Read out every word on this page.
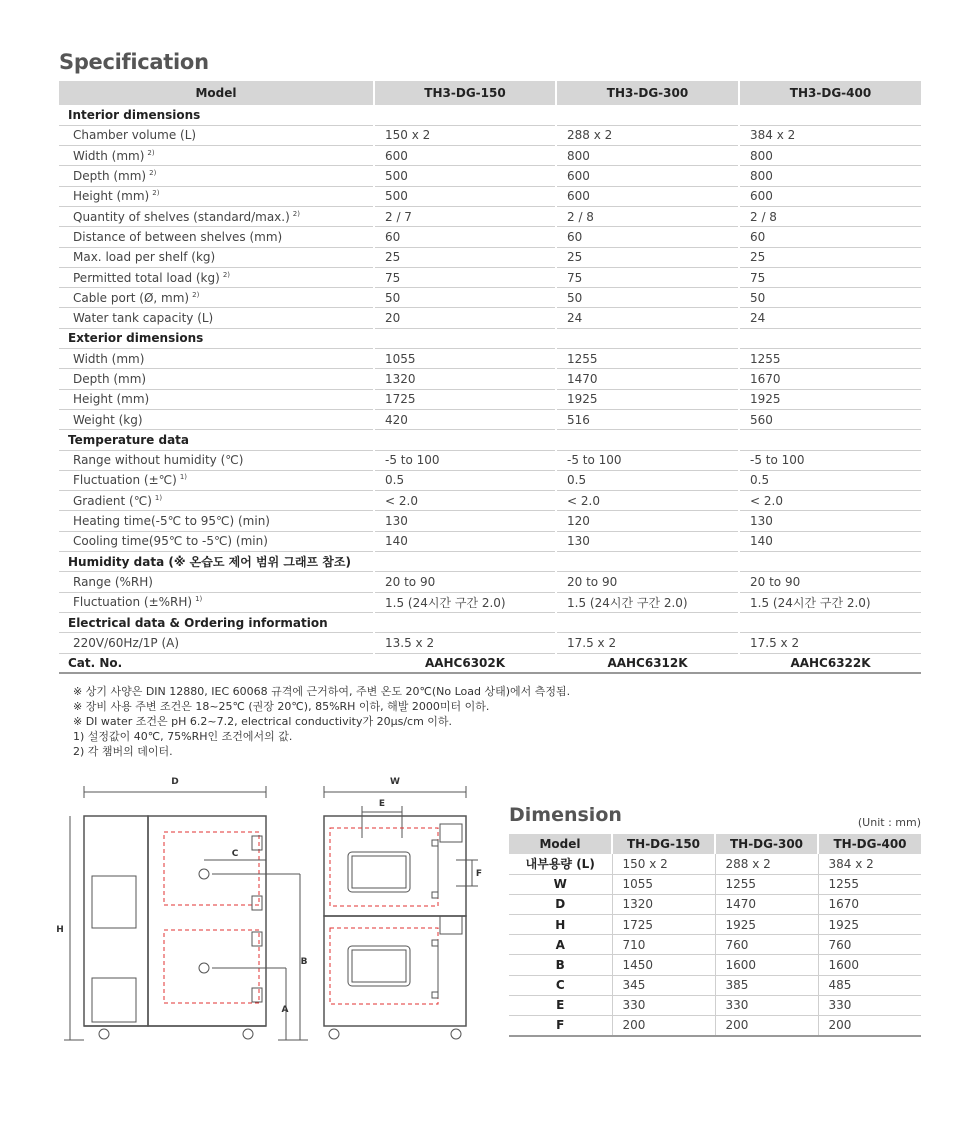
Specification
Model	TH3-DG-150	TH3-DG-300	TH3-DG-400
Interior dimensions			
Chamber volume (L)	150 x 2	288 x 2	384 x 2
Width (mm) $^{2)}$	600	800	800
Depth (mm) $^{2)}$	500	600	800
Height (mm) $^{2)}$	500	600	600
Quantity of shelves (standard/max.) $^{2)}$	2 / 7	2 / 8	2 / 8
Distance of between shelves (mm)	60	60	60
Max. load per shelf (kg)	25	25	25
Permitted total load (kg) $^{2)}$	75	75	75
Cable port (Ø, mm) $^{2)}$	50	50	50
Water tank capacity (L)	20	24	24
Exterior dimensions			
Width (mm)	1055	1255	1255
Depth (mm)	1320	1470	1670
Height (mm)	1725	1925	1925
Weight (kg)	420	516	560
Temperature data			
Range without humidity (℃)	-5 to 100	-5 to 100	-5 to 100
Fluctuation (±℃) $^{1)}$	0.5	0.5	0.5
Gradient (℃) $^{1)}$	< 2.0	< 2.0	< 2.0
Heating time(-5℃ to 95℃) (min)	130	120	130
Cooling time(95℃ to -5℃) (min)	140	130	140
Humidity data (※ 온습도 제어 범위 그래프 참조)			
Range (%RH)	20 to 90	20 to 90	20 to 90
Fluctuation (±%RH) $^{1)}$	1.5 (24시간 구간 2.0)	1.5 (24시간 구간 2.0)	1.5 (24시간 구간 2.0)
Electrical data & Ordering information			
220V/60Hz/1P (A)	13.5 x 2	17.5 x 2	17.5 x 2
Cat. No.	AAHC6302K	AAHC6312K	AAHC6322K
※ 상기 사양은 DIN 12880, IEC 60068 규격에 근거하여, 주변 온도 20℃(No Load 상태)에서 측정됨.
※ 장비 사용 주변 조건은 18~25℃ (권장 20℃), 85%RH 이하, 해발 2000미터 이하.
※ DI water 조건은 pH 6.2~7.2, electrical conductivity가 20μs/cm 이하.
1) 설정값이 40℃, 75%RH인 조건에서의 값.
2) 각 챔버의 데이터.
D	W
E
C
F
H
B
A
Dimension	(Unit : mm)
Model	TH-DG-150	TH-DG-300	TH-DG-400
내부용량 (L)	150 x 2	288 x 2	384 x 2
W	1055	1255	1255
D	1320	1470	1670
H	1725	1925	1925
A	710	760	760
B	1450	1600	1600
C	345	385	485
E	330	330	330
F	200	200	200
